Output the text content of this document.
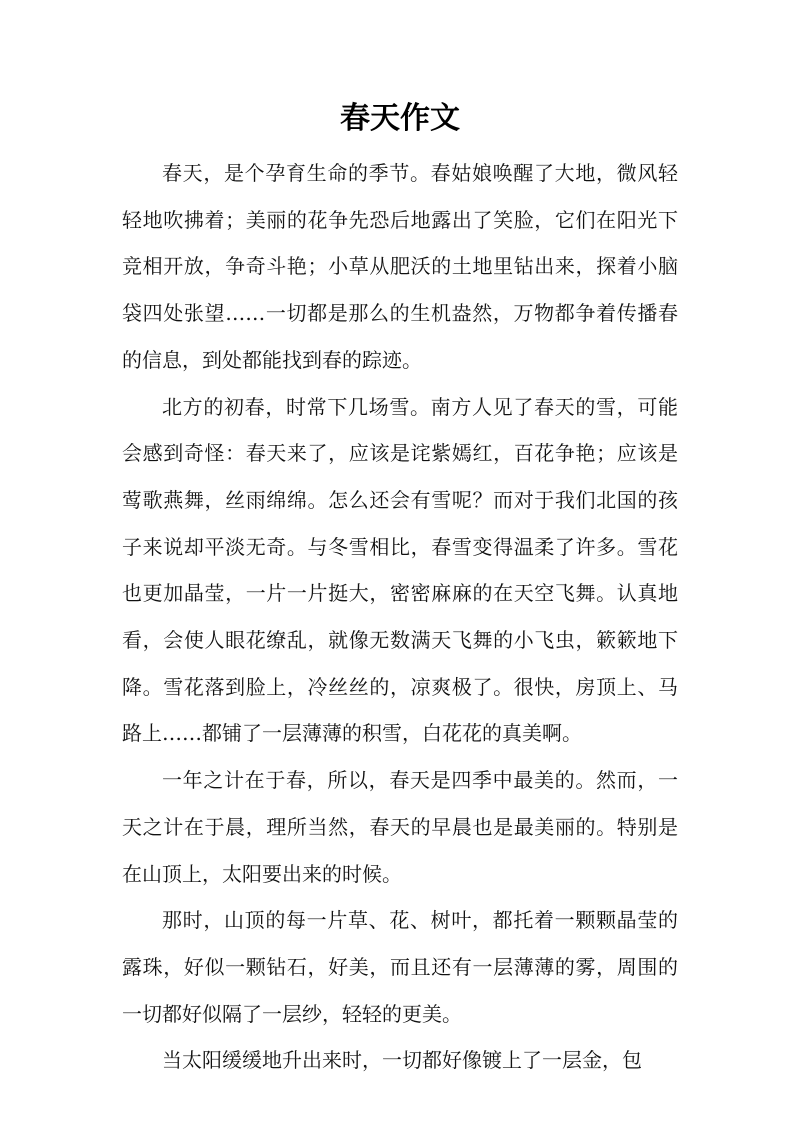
春天作文

春天，是个孕育生命的季节。春姑娘唤醒了大地，微风轻轻地吹拂着；美丽的花争先恐后地露出了笑脸，它们在阳光下竞相开放，争奇斗艳；小草从肥沃的土地里钻出来，探着小脑袋四处张望……一切都是那么的生机盎然，万物都争着传播春的信息，到处都能找到春的踪迹。

北方的初春，时常下几场雪。南方人见了春天的雪，可能会感到奇怪：春天来了，应该是诧紫嫣红，百花争艳；应该是莺歌燕舞，丝雨绵绵。怎么还会有雪呢？而对于我们北国的孩子来说却平淡无奇。与冬雪相比，春雪变得温柔了许多。雪花也更加晶莹，一片一片挺大，密密麻麻的在天空飞舞。认真地看，会使人眼花缭乱，就像无数满天飞舞的小飞虫，簌簌地下降。雪花落到脸上，冷丝丝的，凉爽极了。很快，房顶上、马路上……都铺了一层薄薄的积雪，白花花的真美啊。

一年之计在于春，所以，春天是四季中最美的。然而，一天之计在于晨，理所当然，春天的早晨也是最美丽的。特别是在山顶上，太阳要出来的时候。

那时，山顶的每一片草、花、树叶，都托着一颗颗晶莹的露珠，好似一颗钻石，好美，而且还有一层薄薄的雾，周围的一切都好似隔了一层纱，轻轻的更美。

当太阳缓缓地升出来时，一切都好像镀上了一层金，包
